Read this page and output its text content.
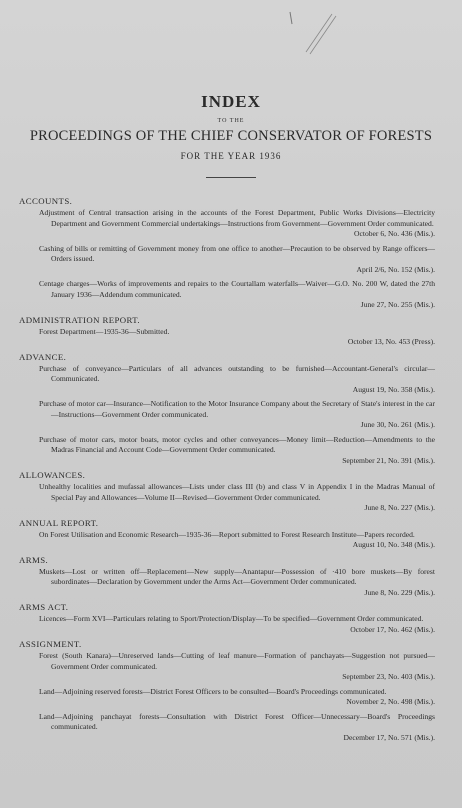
INDEX
TO THE
PROCEEDINGS OF THE CHIEF CONSERVATOR OF FORESTS
FOR THE YEAR 1936
ACCOUNTS.
Adjustment of Central transaction arising in the accounts of the Forest Department, Public Works Divisions—Electricity Department and Government Commercial undertakings—Instructions from Government—Government Order communicated.
October 6, No. 436 (Mis.).
Cashing of bills or remitting of Government money from one office to another—Precaution to be observed by Range officers—Orders issued.
April 2/6, No. 152 (Mis.).
Centage charges—Works of improvements and repairs to the Courtallam waterfalls—Waiver—G.O. No. 200 W, dated the 27th January 1936—Addendum communicated.
June 27, No. 255 (Mis.).
ADMINISTRATION REPORT.
Forest Department—1935-36—Submitted.
October 13, No. 453 (Press).
ADVANCE.
Purchase of conveyance—Particulars of all advances outstanding to be furnished—Accountant-General's circular—Communicated.
August 19, No. 358 (Mis.).
Purchase of motor car—Insurance—Notification to the Motor Insurance Company about the Secretary of State's interest in the car—Instructions—Government Order communicated.
June 30, No. 261 (Mis.).
Purchase of motor cars, motor boats, motor cycles and other conveyances—Money limit—Reduction—Amendments to the Madras Financial and Account Code—Government Order communicated.
September 21, No. 391 (Mis.).
ALLOWANCES.
Unhealthy localities and mufassal allowances—Lists under class III (b) and class V in Appendix I in the Madras Manual of Special Pay and Allowances—Volume II—Revised—Government Order communicated.
June 8, No. 227 (Mis.).
ANNUAL REPORT.
On Forest Utilisation and Economic Research—1935-36—Report submitted to Forest Research Institute—Papers recorded.
August 10, No. 348 (Mis.).
ARMS.
Muskets—Lost or written off—Replacement—New supply—Anantapur—Possession of ·410 bore muskets—By forest subordinates—Declaration by Government under the Arms Act—Government Order communicated.
June 8, No. 229 (Mis.).
ARMS ACT.
Licences—Form XVI—Particulars relating to Sport/Protection/Display—To be specified—Government Order communicated.
October 17, No. 462 (Mis.).
ASSIGNMENT.
Forest (South Kanara)—Unreserved lands—Cutting of leaf manure—Formation of panchayats—Suggestion not pursued—Government Order communicated.
September 23, No. 403 (Mis.).
Land—Adjoining reserved forests—District Forest Officers to be consulted—Board's Proceedings communicated.
November 2, No. 498 (Mis.).
Land—Adjoining panchayat forests—Consultation with District Forest Officer—Unnecessary—Board's Proceedings communicated.
December 17, No. 571 (Mis.).
